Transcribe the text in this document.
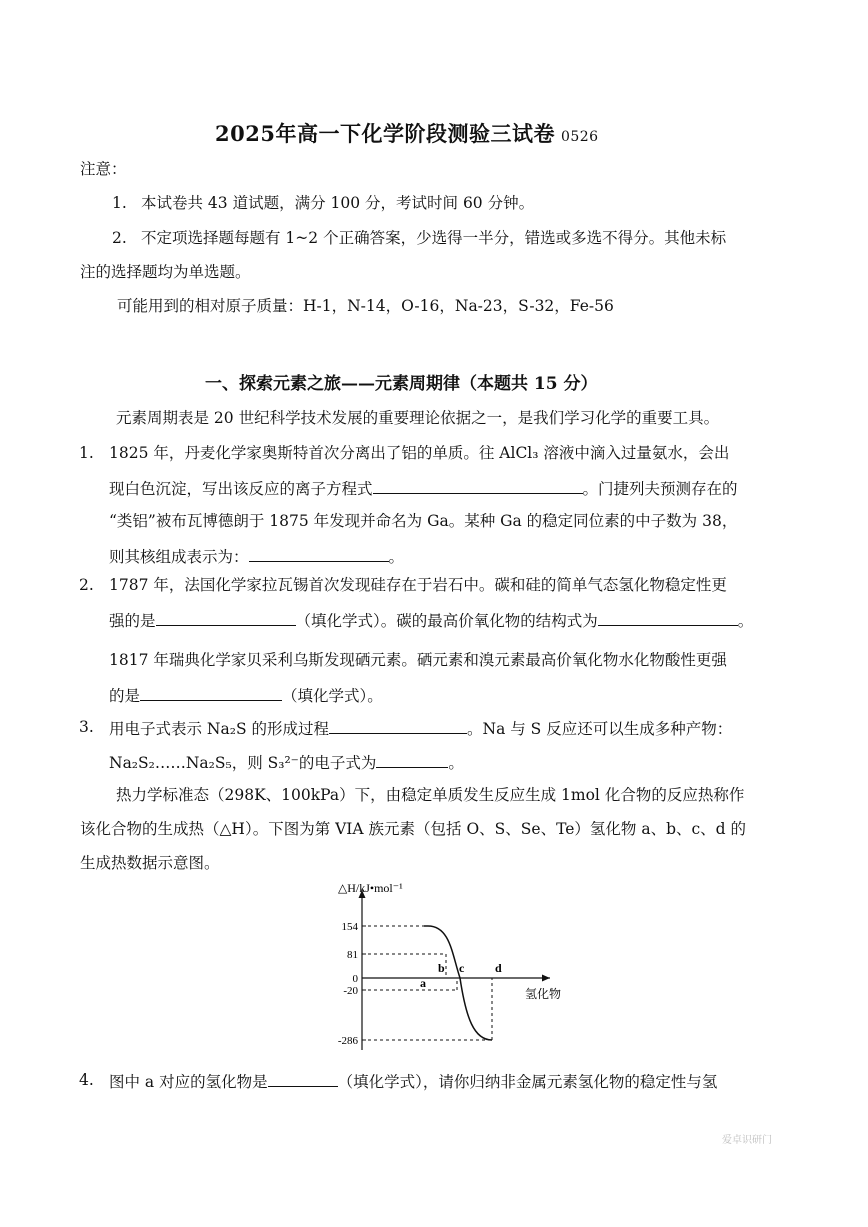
2025年高一下化学阶段测验三试卷 0526
注意：
1. 本试卷共 43 道试题，满分 100 分，考试时间 60 分钟。
2. 不定项选择题每题有 1~2 个正确答案，少选得一半分，错选或多选不得分。其他未标
注的选择题均为单选题。
可能用到的相对原子质量：H-1，N-14，O-16，Na-23，S-32，Fe-56
一、探索元素之旅——元素周期律（本题共 15 分）
元素周期表是 20 世纪科学技术发展的重要理论依据之一，是我们学习化学的重要工具。
1. 1825 年，丹麦化学家奥斯特首次分离出了铝的单质。往 AlCl₃ 溶液中滴入过量氨水，会出
现白色沉淀，写出该反应的离子方程式	。门捷列夫预测存在的
“类铝”被布瓦博德朗于 1875 年发现并命名为 Ga。某种 Ga 的稳定同位素的中子数为 38，
则其核组成表示为：	。
2. 1787 年，法国化学家拉瓦锡首次发现硅存在于岩石中。碳和硅的简单气态氢化物稳定性更
强的是	（填化学式）。碳的最高价氧化物的结构式为	。
1817 年瑞典化学家贝采利乌斯发现硒元素。硒元素和溴元素最高价氧化物水化物酸性更强
的是	（填化学式）。
3. 用电子式表示 Na₂S 的形成过程	。Na 与 S 反应还可以生成多种产物：
Na₂S₂……Na₂S₅，则 S₃²⁻的电子式为	。
热力学标准态（298K、100kPa）下，由稳定单质发生反应生成 1mol 化合物的反应热称作
该化合物的生成热（△H）。下图为第 VIA 族元素（包括 O、S、Se、Te）氢化物 a、b、c、d 的
生成热数据示意图。
△H/kJ•mol⁻¹
氢化物
154
81
0
-20
-286
a
b c	d
4. 图中 a 对应的氢化物是	（填化学式），请你归纳非金属元素氢化物的稳定性与氢
爱卓识研门
